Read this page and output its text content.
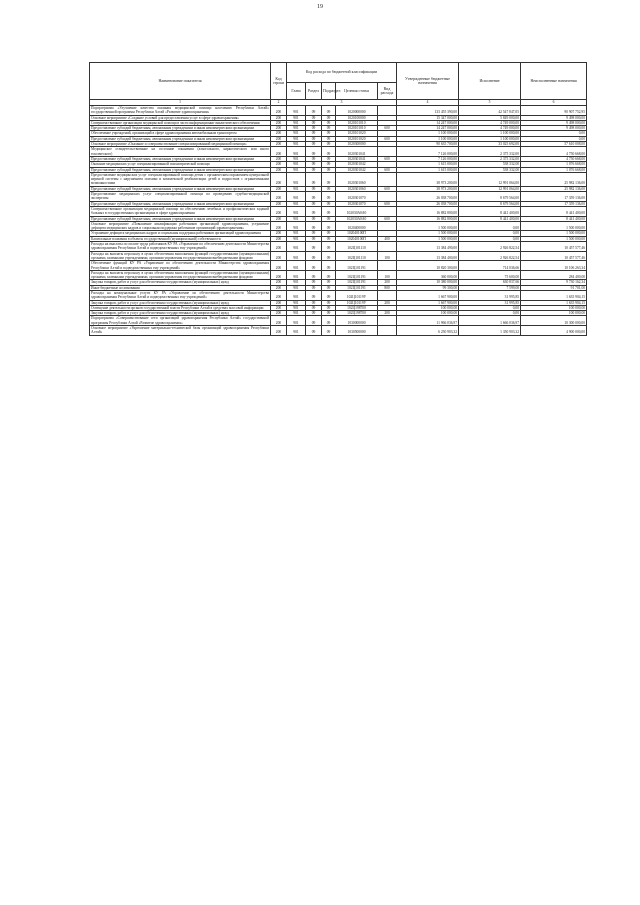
19
Наименование показателя	Код строки	Код расхода по бюджетной классификации					Утвержденные бюджетные назначения	Исполнение	Неисполненные назначения
		Глава	Раздел	Подраздел	Целевая статья	Вид расхода			
1	2	3					4	5	6
Подпрограмма «Улучшение качества оказания медицинской помощи населению Республики Алтай» государственной программы Республики Алтай «Развитие здравоохранения»	200	901	09	09	1020000000		133 455 390,00	42 547 847,05	90 907 752,95
Основное мероприятие «Создание условий для предоставления услуг в сфере здравоохранения»	200	901	09	09	1020100000		15 347 000,00	5 849 000,00	9 498 000,00
Совершенствование организации медицинской помощи в части информационно-аналитического обеспечения	200	901	09	09	1020101010		14 247 000,00	4 749 000,00	9 498 000,00
Предоставление субсидий бюджетным, автономным учреждениям и иным некоммерческим организациям	200	901	09	09	1020101010	600	14 247 000,00	4 749 000,00	9 498 000,00
Обеспечение учреждений, организаций в сфере здравоохранения автомобильным транспортом	200	901	09	09	1020101020		1 100 000,00	1 100 000,00	0,00
Предоставление субсидий бюджетным, автономным учреждениям и иным некоммерческим организациям	200	901	09	09	1020101020	600	1 100 000,00	1 100 000,00	0,00
Основное мероприятие «Оказание и совершенствование специализированной медицинской помощи»	200	901	09	09	1020300000		90 635 700,00	33 025 692,00	57 610 008,00
Медицинское освидетельствование на состояние опьянения (алкогольного, наркотического или иного токсического)	200	901	09	09	1020301041		7 126 000,00	2 375 332,00	4 750 668,00
Предоставление субсидий бюджетным, автономным учреждениям и иным некоммерческим организациям	200	901	09	09	1020301041	600	7 126 000,00	2 375 332,00	4 750 668,00
Оказание медицинских услуг специализированной психиатрической помощи	200	901	09	09	1020301042		1 615 000,00	538 332,00	1 076 668,00
Предоставление субсидий бюджетным, автономным учреждениям и иным некоммерческим организациям	200	901	09	09	1020301042	600	1 615 000,00	538 332,00	1 076 668,00
Предоставление медицинских услуг специализированной помощи детям с органическим поражением центральной нервной системы с нарушением психики и комплексной реабилитации детей и подростков с ограниченными возможностями	200	901	09	09	1020301060		38 973 200,00	12 991 064,00	25 982 136,00
Предоставление субсидий бюджетным, автономным учреждениям и иным некоммерческим организациям	200	901	09	09	1020301060	600	38 973 200,00	12 991 064,00	25 982 136,00
Предоставление медицинских услуг специализированной помощи по проведению судебно-медицинской экспертизы	200	901	09	09	1020301070		26 038 700,00	8 679 564,00	17 359 136,00
Предоставление субсидий бюджетным, автономным учреждениям и иным некоммерческим организациям	200	901	09	09	1020301070	600	26 038 700,00	8 679 564,00	17 359 136,00
Совершенствование организации медицинской помощи по обеспечению лечебных и профилактических заданий больных в государственных организациях в сфере здравоохранения	200	901	09	09	102030А0А0		16 882 800,00	8 441 400,00	8 441 400,00
Предоставление субсидий бюджетным, автономным учреждениям и иным некоммерческим организациям	200	901	09	09	102030А0А0	600	16 882 800,00	8 441 400,00	8 441 400,00
Основное мероприятие «Повышение квалификации работников организаций здравоохранения, устранение дефицита медицинских кадров и социальная поддержка работников организаций здравоохранения»	200	901	09	09	1020400000		1 500 000,00	0,00	1 500 000,00
Устранение дефицита медицинских кадров и социальная поддержка работников организаций здравоохранения	200	901	09	09	102040100П		1 500 000,00	0,00	1 500 000,00
Капитальные вложения в объекты государственной (муниципальной) собственности	200	901	09	09	102040100П	400	1 500 000,00	0,00	1 500 000,00
Расходы на выплаты по оплате труда работников КУ РА «Управление по обеспечению деятельности Министерства здравоохранения Республики Алтай и подведомственных ему учреждений»	200	901	09	09	102Ц101110		13 384 490,00	2 926 822,54	10 457 577,46
Расходы на выплаты персоналу в целях обеспечения выполнения функций государственными (муниципальными) органами, казенными учреждениями, органами управления государственными внебюджетными фондами	200	901	09	09	102Ц101110	100	13 384 400,00	2 926 822,54	10 457 577,46
Обеспечение функций КУ РА «Управление по обеспечению деятельности Министерства здравоохранения Республики Алтай и подведомственных ему учреждений»	200	901	09	09	102Ц101191		10 820 300,00	714 036,66	10 106 263,34
Расходы на выплаты персоналу в целях обеспечения выполнения функций государственными (муниципальными) органами, казенными учреждениями, органами управления государственными внебюджетными фондами	200	901	09	09	102Ц101191	100	360 000,00	75 600,00	284 400,00
Закупка товаров, работ и услуг для обеспечения государственных (муниципальных) нужд	200	901	09	09	102Ц101191	200	10 380 000,00	630 837,66	9 730 162,34
Иные бюджетные ассигнования	200	901	09	09	102Ц101191	800	99 300,00	7 599,00	91 701,00
Расходы на коммунальные услуги КУ РА «Управление по обеспечению деятельности Министерства здравоохранения Республики Алтай и подведомственных ему учреждений»	200	901	09	09	102Ц10119У		1 667 900,00	31 995,85	1 635 904,15
Закупка товаров, работ и услуг для обеспечения государственных (муниципальных) нужд	200	901	09	09	102Ц10119У	200	1 667 900,00	31 995,85	1 635 904,15
Освещение деятельности органов государственной власти Республики Алтай в средствах массовой информации	200	901	09	09	102Ц198700		100 000,00	0,00	100 000,00
Закупка товаров, работ и услуг для обеспечения государственных (муниципальных) нужд	200	901	09	09	102Ц198700	200	100 000,00	0,00	100 000,00
Подпрограмма «Совершенствование сети организаций здравоохранения Республики Алтай» государственной программы Республики Алтай «Развитие здравоохранения»	200	901	09	09	1030000000		11 966 036,97	1 666 036,97	10 300 000,00
Основное мероприятие «Укрепление материально-технической базы организаций здравоохранения Республики Алтай»	200	901	09	09	1030500000		6 250 903,32	1 350 903,32	4 900 000,00
